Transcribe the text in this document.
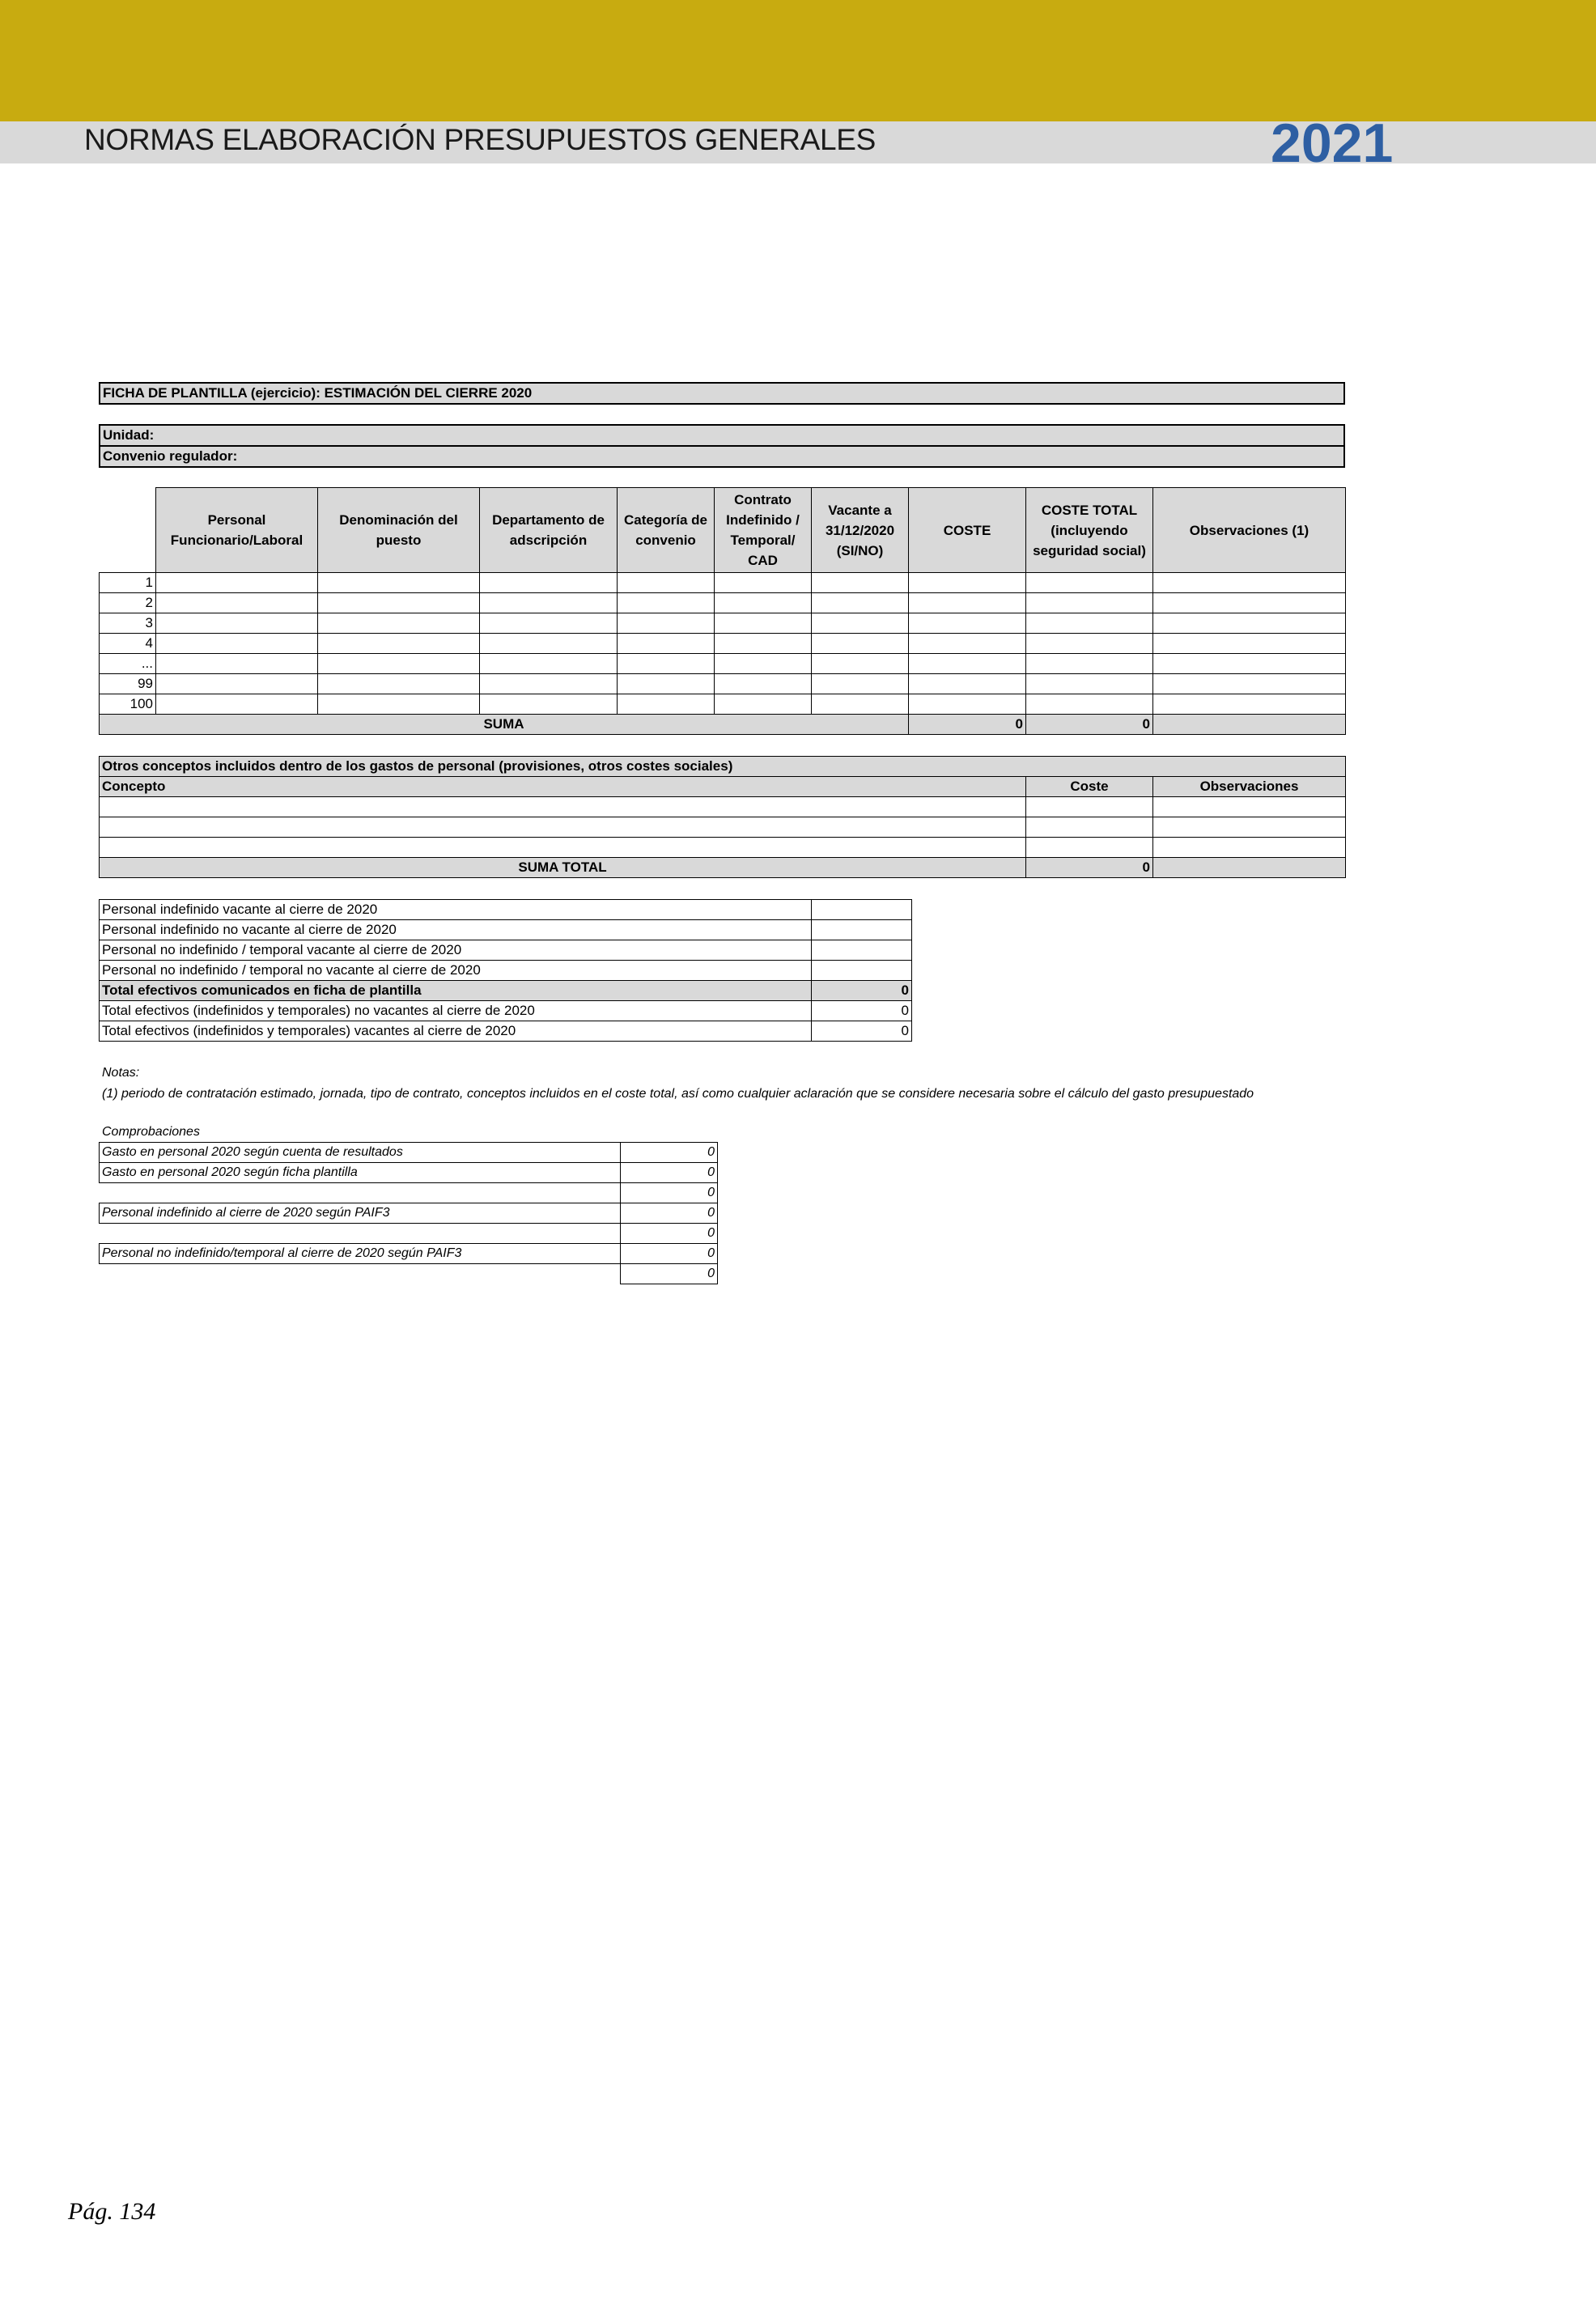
NORMAS ELABORACIÓN PRESUPUESTOS GENERALES	2021
FICHA DE PLANTILLA (ejercicio): ESTIMACIÓN DEL CIERRE 2020
Unidad:
Convenio regulador:
	Personal Funcionario/Laboral	Denominación del puesto	Departamento de adscripción	Categoría de convenio	Contrato Indefinido / Temporal/ CAD	Vacante a 31/12/2020 (SI/NO)	COSTE	COSTE TOTAL (incluyendo seguridad social)	Observaciones (1)
1									
2									
3									
4									
...									
99									
100									
SUMA							0	0	
Otros conceptos incluidos dentro de los gastos de personal (provisiones, otros costes sociales)		
Concepto	Coste	Observaciones

SUMA TOTAL	0	
Personal indefinido vacante al cierre de 2020	
Personal indefinido no vacante al cierre de 2020	
Personal no indefinido / temporal vacante al cierre de 2020	
Personal no indefinido / temporal no vacante al cierre de 2020	
Total efectivos comunicados en ficha de plantilla	0
Total efectivos (indefinidos y temporales) no vacantes al cierre de 2020	0
Total efectivos (indefinidos y temporales) vacantes al cierre de 2020	0
Notas:
(1) periodo de contratación estimado, jornada, tipo de contrato, conceptos incluidos en el coste total, así como cualquier aclaración que se considere necesaria sobre el cálculo del gasto presupuestado
Comprobaciones
Gasto en personal 2020 según cuenta de resultados	0
Gasto en personal 2020 según ficha plantilla	0
	0
Personal indefinido al cierre de 2020 según PAIF3	0
	0
Personal no indefinido/temporal al cierre de 2020 según PAIF3	0
	0
Pág. 134
